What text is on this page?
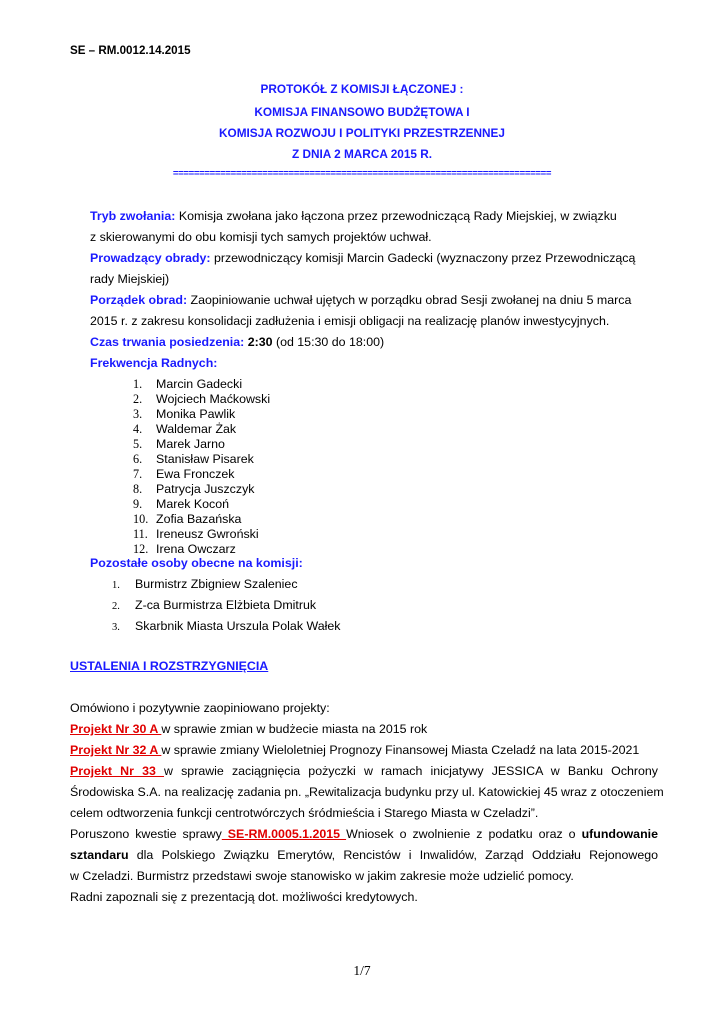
SE – RM.0012.14.2015
PROTOKÓŁ Z KOMISJI ŁĄCZONEJ :
KOMISJA FINANSOWO BUDŻĘTOWA I
KOMISJA ROZWOJU I POLITYKI PRZESTRZENNEJ
Z DNIA 2 MARCA 2015 R.
========================================================================
Tryb zwołania: Komisja zwołana jako łączona przez przewodniczącą Rady Miejskiej, w związku
z skierowanymi do obu komisji tych samych projektów uchwał.
Prowadzący obrady: przewodniczący komisji Marcin Gadecki (wyznaczony przez Przewodniczącą
rady Miejskiej)
Porządek obrad: Zaopiniowanie uchwał ujętych w porządku obrad Sesji zwołanej na dniu 5 marca
2015 r. z zakresu konsolidacji zadłużenia i emisji obligacji na realizację planów inwestycyjnych.
Czas trwania posiedzenia: 2:30 (od 15:30 do 18:00)
Frekwencja Radnych:
1. Marcin Gadecki
2. Wojciech Maćkowski
3. Monika Pawlik
4. Waldemar Żak
5. Marek Jarno
6. Stanisław Pisarek
7. Ewa Fronczek
8. Patrycja Juszczyk
9. Marek Kocoń
10. Zofia Bazańska
11. Ireneusz Gwroński
12. Irena Owczarz
Pozostałe osoby obecne na komisji:
1. Burmistrz Zbigniew Szaleniec
2. Z-ca Burmistrza Elżbieta Dmitruk
3. Skarbnik Miasta Urszula Polak Wałek
USTALENIA I ROZSTRZYGNIĘCIA
Omówiono i pozytywnie zaopiniowano projekty:
Projekt Nr 30 A w sprawie zmian w budżecie miasta na 2015 rok
Projekt Nr 32 A w sprawie zmiany Wieloletniej Prognozy Finansowej Miasta Czeladź na lata 2015-2021
Projekt Nr 33 w sprawie zaciągnięcia pożyczki w ramach inicjatywy JESSICA w Banku Ochrony
Środowiska S.A. na realizację zadania pn. „Rewitalizacja budynku przy ul. Katowickiej 45 wraz z otoczeniem
celem odtworzenia funkcji centrotwórczych śródmieścia i Starego Miasta w Czeladzi”.
Poruszono kwestie sprawy SE-RM.0005.1.2015 Wniosek o zwolnienie z podatku oraz o ufundowanie
sztandaru dla Polskiego Związku Emerytów, Rencistów i Inwalidów, Zarząd Oddziału Rejonowego
w Czeladzi. Burmistrz przedstawi swoje stanowisko w jakim zakresie może udzielić pomocy.
Radni zapoznali się z prezentacją dot. możliwości kredytowych.
1/7
